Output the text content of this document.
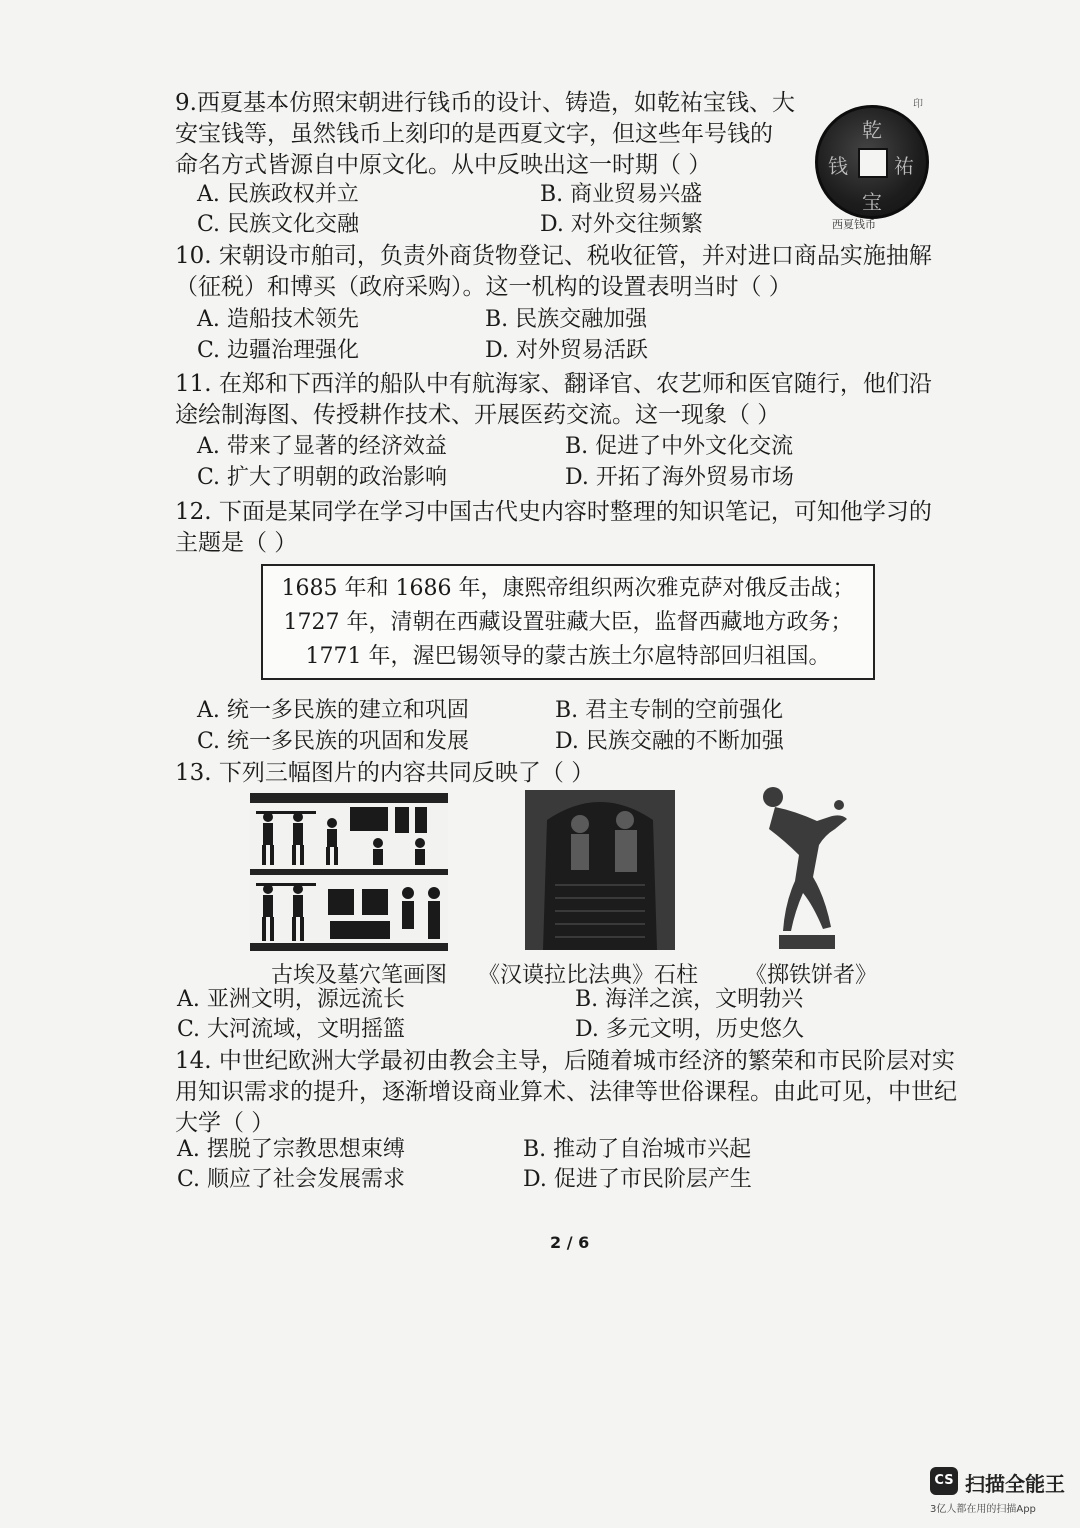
9.西夏基本仿照宋朝进行钱币的设计、铸造，如乾祐宝钱、大安宝钱等，虽然钱币上刻印的是西夏文字，但这些年号钱的命名方式皆源自中原文化。从中反映出这一时期（ ）

乾
祐
宝
钱
西夏钱币
印
A. 民族政权并立	B. 商业贸易兴盛
C. 民族文化交融	D. 对外交往频繁

10. 宋朝设市舶司，负责外商货物登记、税收征管，并对进口商品实施抽解（征税）和博买（政府采购）。这一机构的设置表明当时（ ）

A. 造船技术领先	B. 民族交融加强
C. 边疆治理强化	D. 对外贸易活跃

11. 在郑和下西洋的船队中有航海家、翻译官、农艺师和医官随行，他们沿途绘制海图、传授耕作技术、开展医药交流。这一现象（ ）

A. 带来了显著的经济效益	B. 促进了中外文化交流
C. 扩大了明朝的政治影响	D. 开拓了海外贸易市场

12. 下面是某同学在学习中国古代史内容时整理的知识笔记，可知他学习的主题是（ ）

1685 年和 1686 年，康熙帝组织两次雅克萨对俄反击战；
1727 年，清朝在西藏设置驻藏大臣，监督西藏地方政务；
1771 年，渥巴锡领导的蒙古族土尔扈特部回归祖国。
A. 统一多民族的建立和巩固	B. 君主专制的空前强化
C. 统一多民族的巩固和发展	D. 民族交融的不断加强

13. 下列三幅图片的内容共同反映了（ ）

古埃及墓穴笔画图 《汉谟拉比法典》石柱 《掷铁饼者》
A. 亚洲文明，源远流长	B. 海洋之滨，文明勃兴
C. 大河流域，文明摇篮	D. 多元文明，历史悠久

14. 中世纪欧洲大学最初由教会主导，后随着城市经济的繁荣和市民阶层对实用知识需求的提升，逐渐增设商业算术、法律等世俗课程。由此可见，中世纪大学（ ）

A. 摆脱了宗教思想束缚	B. 推动了自治城市兴起
C. 顺应了社会发展需求	D. 促进了市民阶层产生
2 / 6
CS 扫描全能王
3亿人都在用的扫描App
